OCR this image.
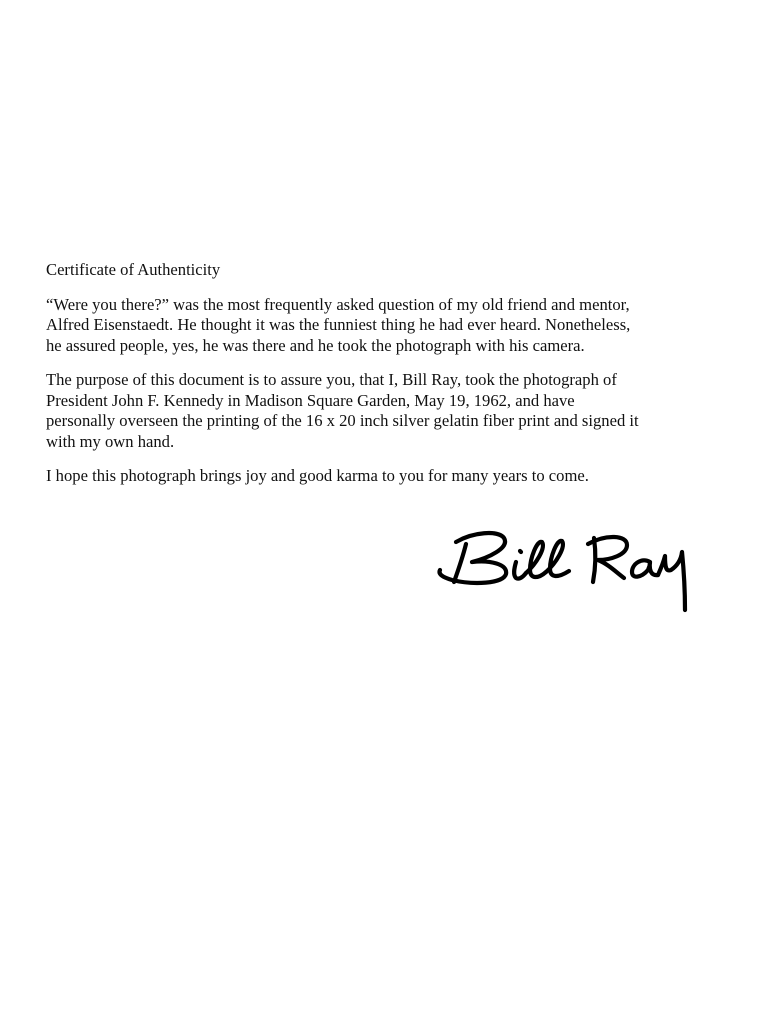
Certificate of Authenticity
“Were you there?” was the most frequently asked question of my old friend and mentor,
Alfred Eisenstaedt. He thought it was the funniest thing he had ever heard. Nonetheless,
he assured people, yes, he was there and he took the photograph with his camera.
The purpose of this document is to assure you, that I, Bill Ray, took the photograph of
President John F. Kennedy in Madison Square Garden, May 19, 1962, and have
personally overseen the printing of the 16 x 20 inch silver gelatin fiber print and signed it
with my own hand.
I hope this photograph brings joy and good karma to you for many years to come.
